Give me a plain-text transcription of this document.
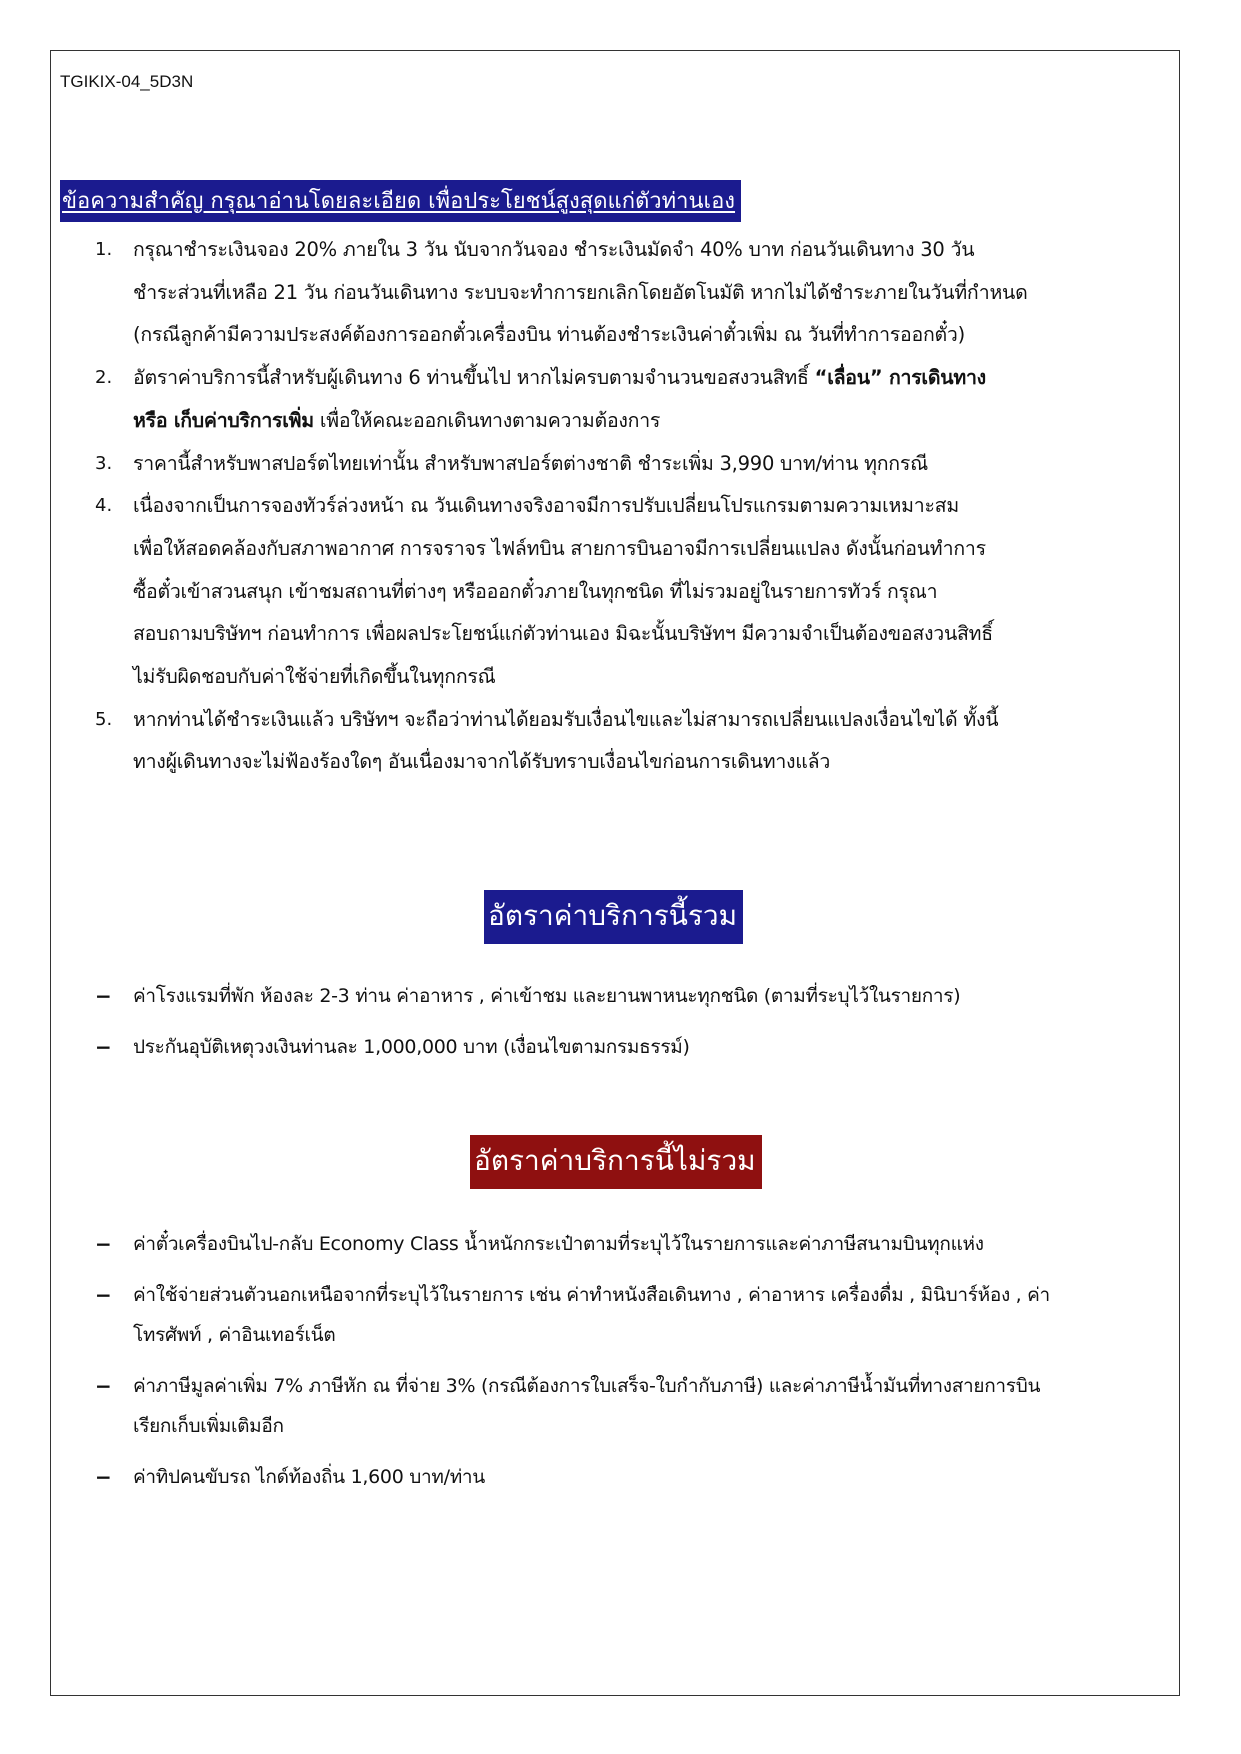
TGIKIX-04_5D3N
ข้อความสำคัญ กรุณาอ่านโดยละเอียด เพื่อประโยชน์สูงสุดแก่ตัวท่านเอง
1.	กรุณาชำระเงินจอง 20% ภายใน 3 วัน นับจากวันจอง ชำระเงินมัดจำ 40% บาท ก่อนวันเดินทาง 30 วัน
ชำระส่วนที่เหลือ 21 วัน ก่อนวันเดินทาง ระบบจะทำการยกเลิกโดยอัตโนมัติ หากไม่ได้ชำระภายในวันที่กำหนด
(กรณีลูกค้ามีความประสงค์ต้องการออกตั๋วเครื่องบิน ท่านต้องชำระเงินค่าตั๋วเพิ่ม ณ วันที่ทำการออกตั๋ว)
2.	อัตราค่าบริการนี้สำหรับผู้เดินทาง 6 ท่านขึ้นไป หากไม่ครบตามจำนวนขอสงวนสิทธิ์ “เลื่อน” การเดินทาง
หรือ เก็บค่าบริการเพิ่ม เพื่อให้คณะออกเดินทางตามความต้องการ
3.	ราคานี้สำหรับพาสปอร์ตไทยเท่านั้น สำหรับพาสปอร์ตต่างชาติ ชำระเพิ่ม 3,990 บาท/ท่าน ทุกกรณี
4.	เนื่องจากเป็นการจองทัวร์ล่วงหน้า ณ วันเดินทางจริงอาจมีการปรับเปลี่ยนโปรแกรมตามความเหมาะสม
เพื่อให้สอดคล้องกับสภาพอากาศ การจราจร ไฟล์ทบิน สายการบินอาจมีการเปลี่ยนแปลง ดังนั้นก่อนทำการ
ซื้อตั๋วเข้าสวนสนุก เข้าชมสถานที่ต่างๆ หรือออกตั๋วภายในทุกชนิด ที่ไม่รวมอยู่ในรายการทัวร์ กรุณา
สอบถามบริษัทฯ ก่อนทำการ เพื่อผลประโยชน์แก่ตัวท่านเอง มิฉะนั้นบริษัทฯ มีความจำเป็นต้องขอสงวนสิทธิ์
ไม่รับผิดชอบกับค่าใช้จ่ายที่เกิดขึ้นในทุกกรณี
5.	หากท่านได้ชำระเงินแล้ว บริษัทฯ จะถือว่าท่านได้ยอมรับเงื่อนไขและไม่สามารถเปลี่ยนแปลงเงื่อนไขได้ ทั้งนี้
ทางผู้เดินทางจะไม่ฟ้องร้องใดๆ อันเนื่องมาจากได้รับทราบเงื่อนไขก่อนการเดินทางแล้ว
อัตราค่าบริการนี้รวม
−	ค่าโรงแรมที่พัก ห้องละ 2-3 ท่าน ค่าอาหาร , ค่าเข้าชม และยานพาหนะทุกชนิด (ตามที่ระบุไว้ในรายการ)
−	ประกันอุบัติเหตุวงเงินท่านละ 1,000,000 บาท (เงื่อนไขตามกรมธรรม์)
อัตราค่าบริการนี้ไม่รวม
−	ค่าตั๋วเครื่องบินไป-กลับ Economy Class น้ำหนักกระเป๋าตามที่ระบุไว้ในรายการและค่าภาษีสนามบินทุกแห่ง
−	ค่าใช้จ่ายส่วนตัวนอกเหนือจากที่ระบุไว้ในรายการ เช่น ค่าทำหนังสือเดินทาง , ค่าอาหาร เครื่องดื่ม , มินิบาร์ห้อง , ค่า
โทรศัพท์ , ค่าอินเทอร์เน็ต
−	ค่าภาษีมูลค่าเพิ่ม 7% ภาษีหัก ณ ที่จ่าย 3% (กรณีต้องการใบเสร็จ-ใบกำกับภาษี) และค่าภาษีน้ำมันที่ทางสายการบิน
เรียกเก็บเพิ่มเติมอีก
−	ค่าทิปคนขับรถ ไกด์ท้องถิ่น 1,600 บาท/ท่าน
